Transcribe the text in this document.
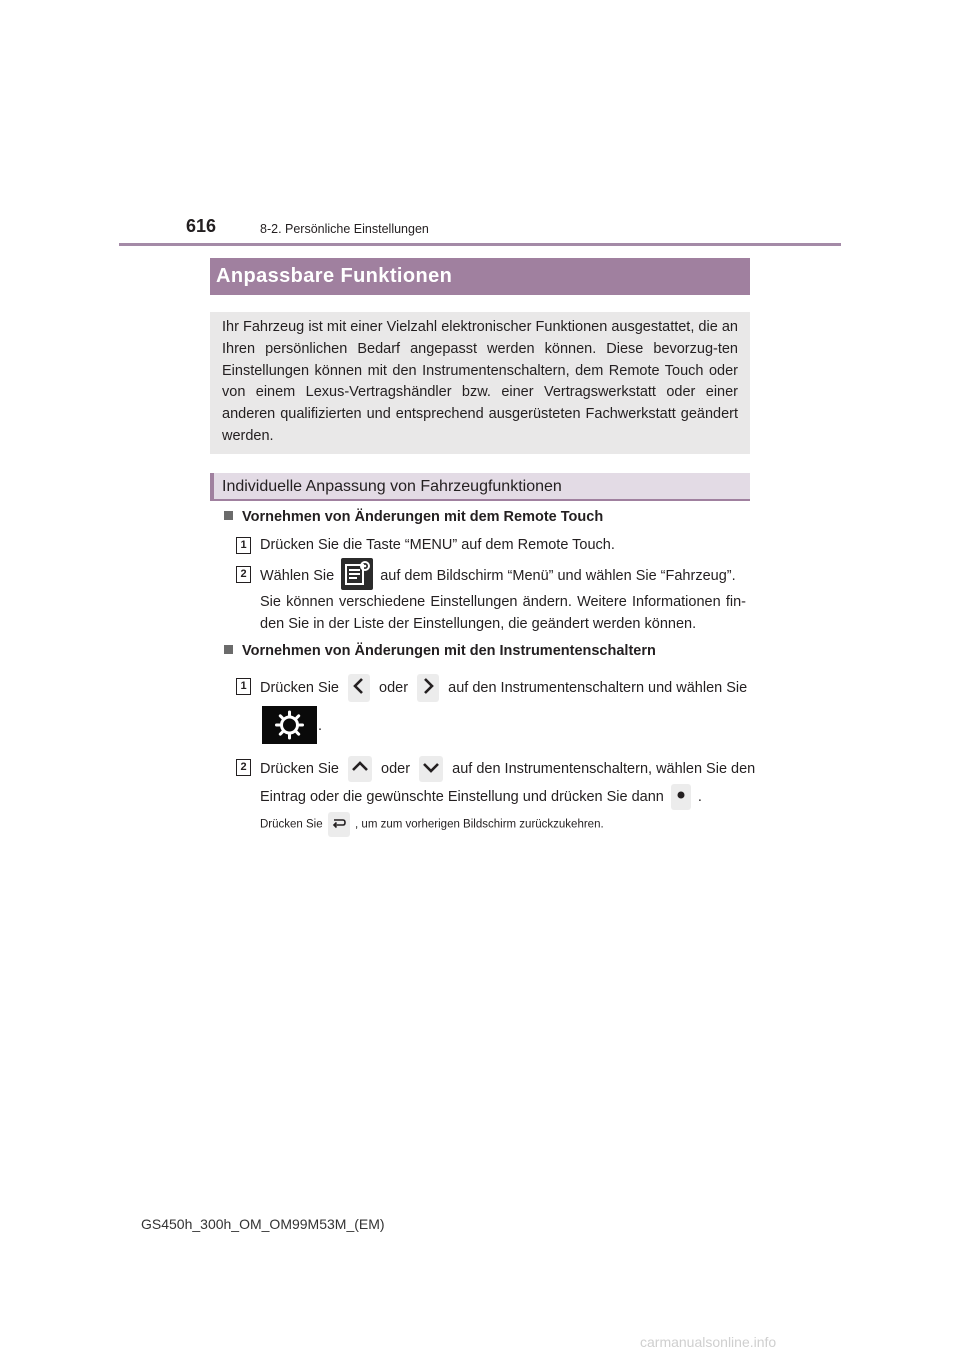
616	8-2. Persönliche Einstellungen
Anpassbare Funktionen
Ihr Fahrzeug ist mit einer Vielzahl elektronischer Funktionen ausgestattet, die an Ihren persönlichen Bedarf angepasst werden können. Diese bevorzug-ten Einstellungen können mit den Instrumentenschaltern, dem Remote Touch oder von einem Lexus-Vertragshändler bzw. einer Vertragswerkstatt oder einer anderen qualifizierten und entsprechend ausgerüsteten Fachwerkstatt geändert werden.
Individuelle Anpassung von Fahrzeugfunktionen
Vornehmen von Änderungen mit dem Remote Touch
1 Drücken Sie die Taste “MENU” auf dem Remote Touch.
2 Wählen Sie	auf dem Bildschirm “Menü” und wählen Sie “Fahrzeug”.
Sie können verschiedene Einstellungen ändern. Weitere Informationen fin-den Sie in der Liste der Einstellungen, die geändert werden können.
Vornehmen von Änderungen mit den Instrumentenschaltern
1 Drücken Sie	oder	auf den Instrumentenschaltern und wählen Sie
.
2 Drücken Sie	oder	auf den Instrumentenschaltern, wählen Sie den
Eintrag oder die gewünschte Einstellung und drücken Sie dann .
Drücken Sie	, um zum vorherigen Bildschirm zurückzukehren.
GS450h_300h_OM_OM99M53M_(EM)
carmanualsonline.info
